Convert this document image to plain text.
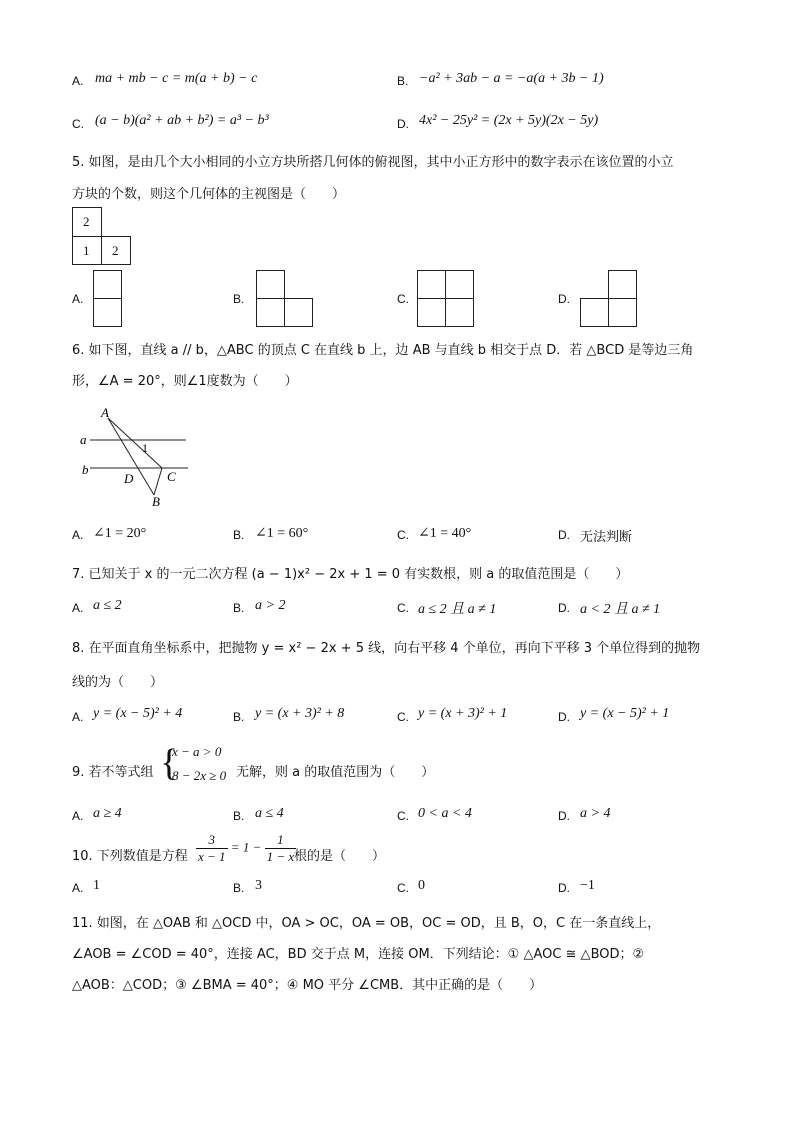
A. ma + mb − c = m(a + b) − c	B. −a² + 3ab − a = −a(a + 3b − 1)
C. (a − b)(a² + ab + b²) = a³ − b³	D. 4x² − 25y² = (2x + 5y)(2x − 5y)
5. 如图，是由几个大小相同的小立方块所搭几何体的俯视图，其中小正方形中的数字表示在该位置的小立
方块的个数，则这个几何体的主视图是（　　）
2
1 2
A.	B.	C.	D.
6. 如下图，直线 a // b，△ABC 的顶点 C 在直线 b 上，边 AB 与直线 b 相交于点 D．若 △BCD 是等边三角
形，∠A = 20°，则∠1度数为（　　）
A
a
1
b
D	C
B
A. ∠1 = 20°	B. ∠1 = 60°	C. ∠1 = 40°	D. 无法判断
7. 已知关于 x 的一元二次方程 (a − 1)x² − 2x + 1 = 0 有实数根，则 a 的取值范围是（　　）
A. a ≤ 2	B. a > 2	C. a ≤ 2 且 a ≠ 1	D. a < 2 且 a ≠ 1
8. 在平面直角坐标系中，把抛物 y = x² − 2x + 5 线，向右平移 4 个单位，再向下平移 3 个单位得到的抛物
线的为（　　）
A. y = (x − 5)² + 4	B. y = (x + 3)² + 8	C. y = (x + 3)² + 1	D. y = (x − 5)² + 1
9. 若不等式组 {
x − a > 0
8 − 2x ≥ 0 无解，则 a 的取值范围为（　　）
A. a ≥ 4	B. a ≤ 4	C. 0 < a < 4	D. a > 4
10. 下列数值是方程 $\frac{3}{x - 1} = 1 - \frac{1}{1 - x}$
根的是（　　）
A. 1	B. 3	C. 0	D. −1
11. 如图，在 △OAB 和 △OCD 中，OA > OC，OA = OB，OC = OD，且 B，O，C 在一条直线上，
∠AOB = ∠COD = 40°，连接 AC，BD 交于点 M，连接 OM．下列结论：① △AOC ≅ △BOD；②
△AOB：△COD；③ ∠BMA = 40°；④ MO 平分 ∠CMB．其中正确的是（　　）
